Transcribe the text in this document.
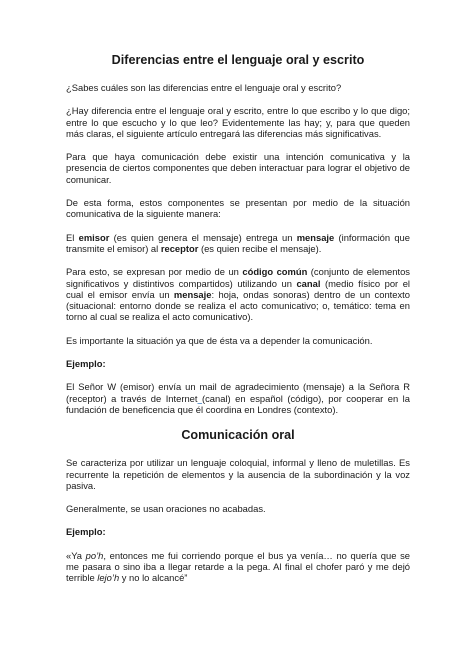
Diferencias entre el lenguaje oral y escrito

¿Sabes cuáles son las diferencias entre el lenguaje oral y escrito?

¿Hay diferencia entre el lenguaje oral y escrito, entre lo que escribo y lo que digo; entre lo que escucho y lo que leo? Evidentemente las hay; y, para que queden más claras, el siguiente artículo entregará las diferencias más significativas.

Para que haya comunicación debe existir una intención comunicativa y la presencia de ciertos componentes que deben interactuar para lograr el objetivo de comunicar.

De esta forma, estos componentes se presentan por medio de la situación comunicativa de la siguiente manera:

El emisor (es quien genera el mensaje) entrega un mensaje (información que transmite el emisor) al receptor (es quien recibe el mensaje).

Para esto, se expresan por medio de un código común (conjunto de elementos significativos y distintivos compartidos) utilizando un canal (medio físico por el cual el emisor envía un mensaje: hoja, ondas sonoras) dentro de un contexto (situacional: entorno donde se realiza el acto comunicativo; o, temático: tema en torno al cual se realiza el acto comunicativo).

Es importante la situación ya que de ésta va a depender la comunicación.

Ejemplo:

El Señor W (emisor) envía un mail de agradecimiento (mensaje) a la Señora R (receptor) a través de Internet (canal) en español (código), por cooperar en la fundación de beneficencia que él coordina en Londres (contexto).

Comunicación oral

Se caracteriza por utilizar un lenguaje coloquial, informal y lleno de muletillas. Es recurrente la repetición de elementos y la ausencia de la subordinación y la voz pasiva.

Generalmente, se usan oraciones no acabadas.

Ejemplo:

«Ya po’h, entonces me fui corriendo porque el bus ya venía… no quería que se me pasara o sino iba a llegar retarde a la pega. Al final el chofer paró y me dejó terrible lejo’h y no lo alcancé”
